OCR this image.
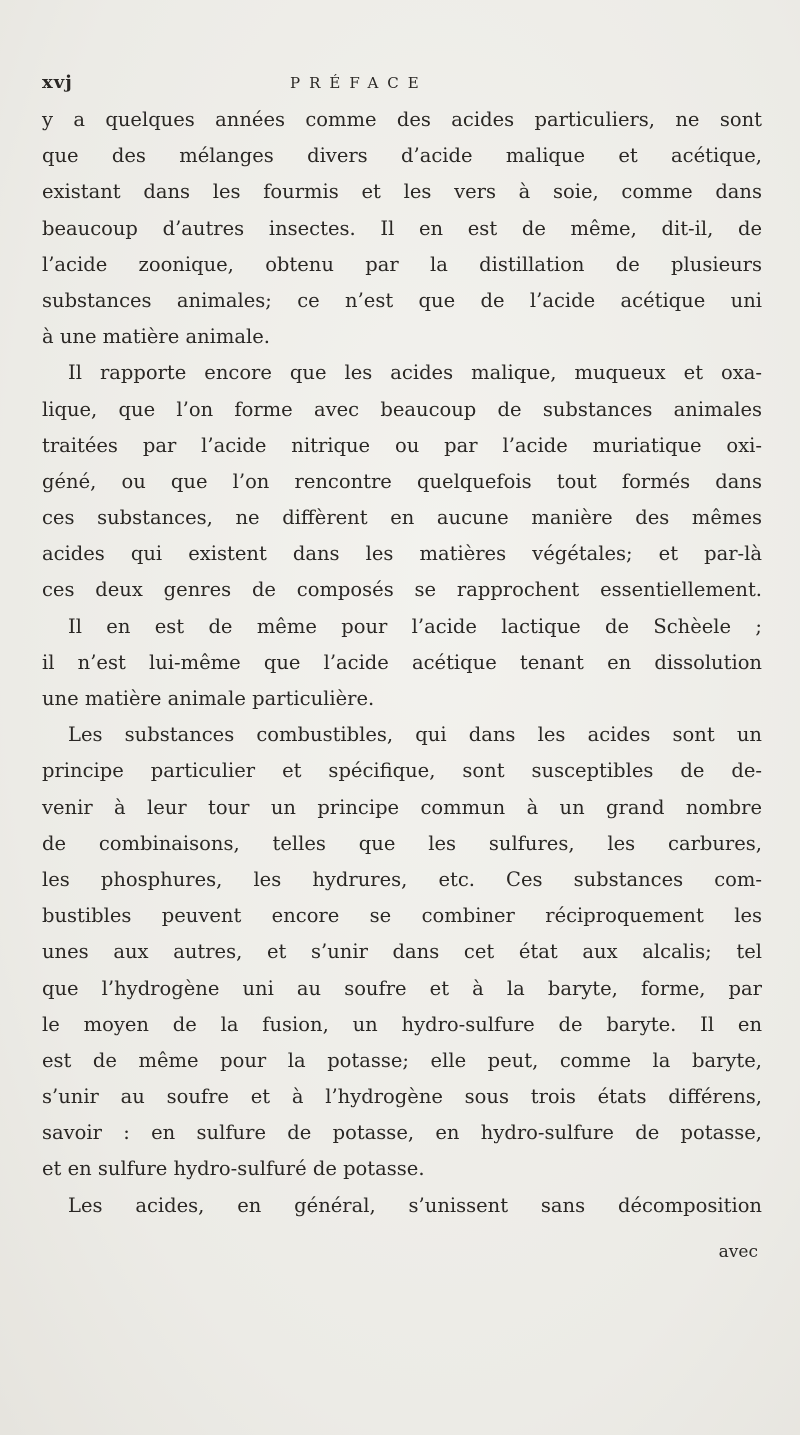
xvj	PRÉFACE
y a quelques années comme des acides particuliers, ne sont
que des mélanges divers d’acide malique et acétique,
existant dans les fourmis et les vers à soie, comme dans
beaucoup d’autres insectes. Il en est de même, dit-il, de
l’acide zoonique, obtenu par la distillation de plusieurs
substances animales; ce n’est que de l’acide acétique uni
à une matière animale.
Il rapporte encore que les acides malique, muqueux et oxa-
lique, que l’on forme avec beaucoup de substances animales
traitées par l’acide nitrique ou par l’acide muriatique oxi-
géné, ou que l’on rencontre quelquefois tout formés dans
ces substances, ne diffèrent en aucune manière des mêmes
acides qui existent dans les matières végétales; et par-là
ces deux genres de composés se rapprochent essentiellement.
Il en est de même pour l’acide lactique de Schèele ;
il n’est lui-même que l’acide acétique tenant en dissolution
une matière animale particulière.
Les substances combustibles, qui dans les acides sont un
principe particulier et spécifique, sont susceptibles de de-
venir à leur tour un principe commun à un grand nombre
de combinaisons, telles que les sulfures, les carbures,
les phosphures, les hydrures, etc. Ces substances com-
bustibles peuvent encore se combiner réciproquement les
unes aux autres, et s’unir dans cet état aux alcalis; tel
que l’hydrogène uni au soufre et à la baryte, forme, par
le moyen de la fusion, un hydro-sulfure de baryte. Il en
est de même pour la potasse; elle peut, comme la baryte,
s’unir au soufre et à l’hydrogène sous trois états différens,
savoir : en sulfure de potasse, en hydro-sulfure de potasse,
et en sulfure hydro-sulfuré de potasse.
Les acides, en général, s’unissent sans décomposition
avec
